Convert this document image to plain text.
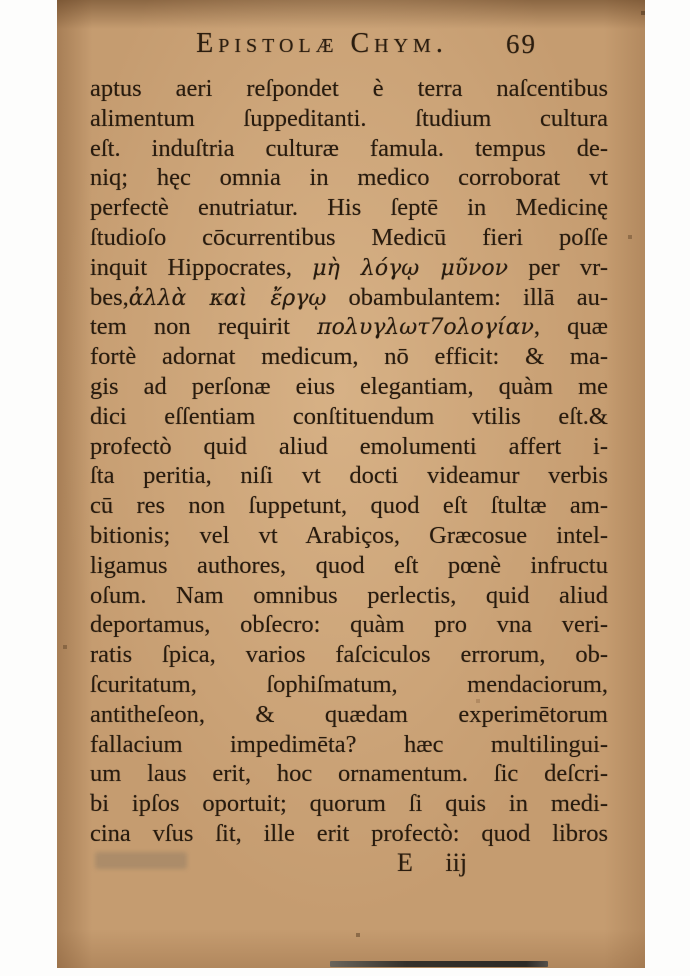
Epistolæ Chym.	69
aptus aeri reſpondet è terra naſcentibus
alimentum ſuppeditanti. ſtudium cultura
eſt. induſtria culturæ famula. tempus de-
niq; hęc omnia in medico corroborat vt
perfectè enutriatur. His ſeptē in Medicinę
ſtudioſo cōcurrentibus Medicū fieri poſſe
inquit Hippocrates, μὴ λόγῳ μῦνον per vr-
bes,ἀλλὰ καὶ ἔργῳ obambulantem: illā au-
tem non requirit πολυγλωτ7ολογίαν, quæ
fortè adornat medicum, nō efficit: & ma-
gis ad perſonæ eius elegantiam, quàm me
dici eſſentiam conſtituendum vtilis eſt.&
profectò quid aliud emolumenti affert i-
ſta peritia, niſi vt docti videamur verbis
cū res non ſuppetunt, quod eſt ſtultæ am-
bitionis; vel vt Arabiços, Græcosue intel-
ligamus authores, quod eſt pœnè infructu
oſum. Nam omnibus perlectis, quid aliud
deportamus, obſecro: quàm pro vna veri-
ratis ſpica, varios faſciculos errorum, ob-
ſcuritatum, ſophiſmatum, mendaciorum,
antitheſeon, & quædam experimētorum
fallacium impedimēta? hæc multilingui-
um laus erit, hoc ornamentum. ſic deſcri-
bi ipſos oportuit; quorum ſi quis in medi-
cina vſus ſit, ille erit profectò: quod libros
E iij
